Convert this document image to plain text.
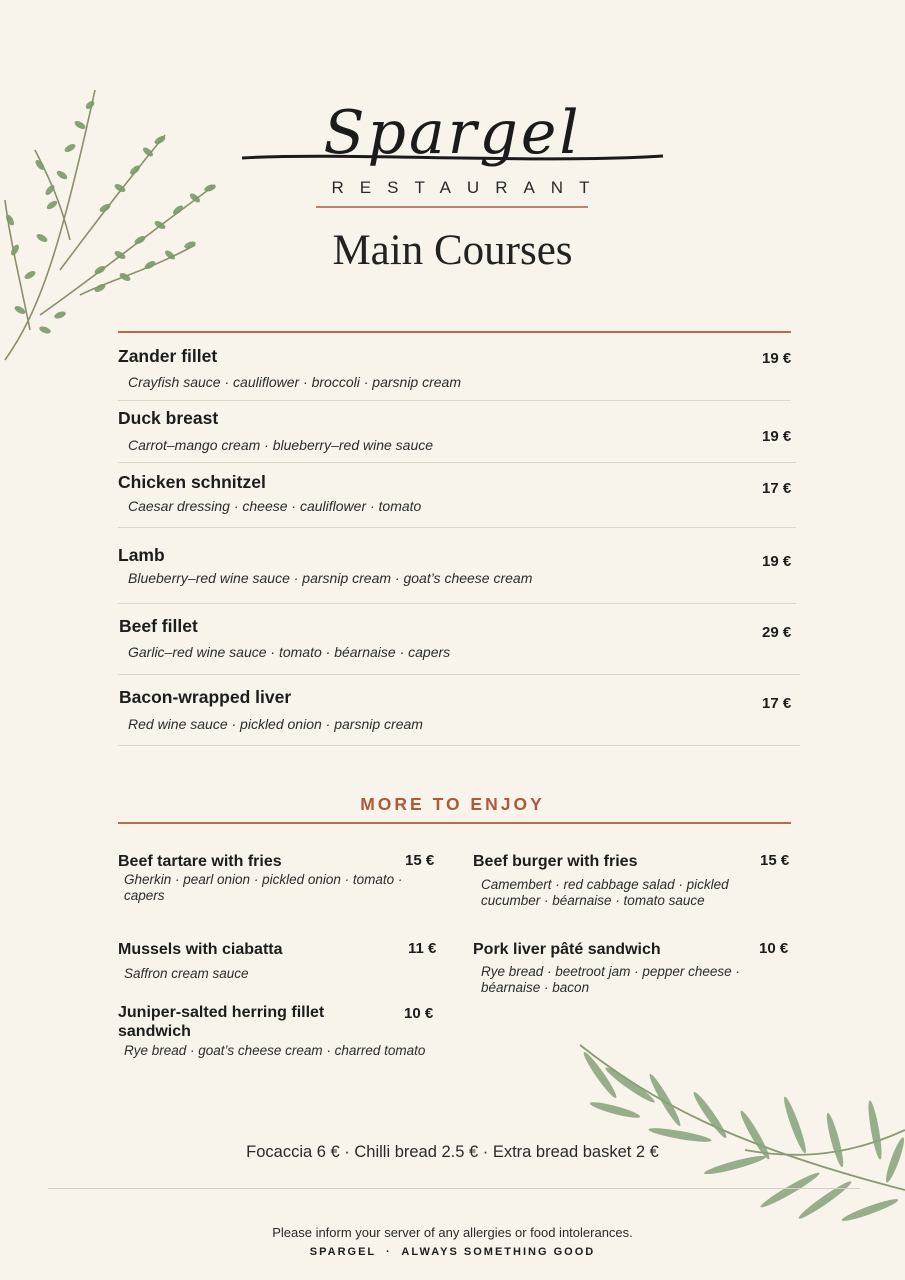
Spargel
RESTAURANT
Main Courses
Zander fillet
Crayfish sauce · cauliflower · broccoli · parsnip cream
19 €
Duck breast
Carrot–mango cream · blueberry–red wine sauce	19 €
Chicken schnitzel
Caesar dressing · cheese · cauliflower · tomato
17 €
Lamb
Blueberry–red wine sauce · parsnip cream · goat’s cheese cream
19 €
Beef fillet
Garlic–red wine sauce · tomato · béarnaise · capers
29 €
Bacon-wrapped liver
Red wine sauce · pickled onion · parsnip cream
17 €
MORE TO ENJOY
Beef tartare with fries	15 €
Gherkin · pearl onion · pickled onion · tomato · capers
Mussels with ciabatta	11 €
Saffron cream sauce
Juniper-salted herring fillet sandwich
10 €
Rye bread · goat’s cheese cream · charred tomato
Beef burger with fries	15 €
Camembert · red cabbage salad · pickled cucumber · béarnaise · tomato sauce
Pork liver pâté sandwich	10 €
Rye bread · beetroot jam · pepper cheese · béarnaise · bacon
Focaccia 6 € · Chilli bread 2.5 € · Extra bread basket 2 €
Please inform your server of any allergies or food intolerances.
SPARGEL  ·  ALWAYS SOMETHING GOOD
